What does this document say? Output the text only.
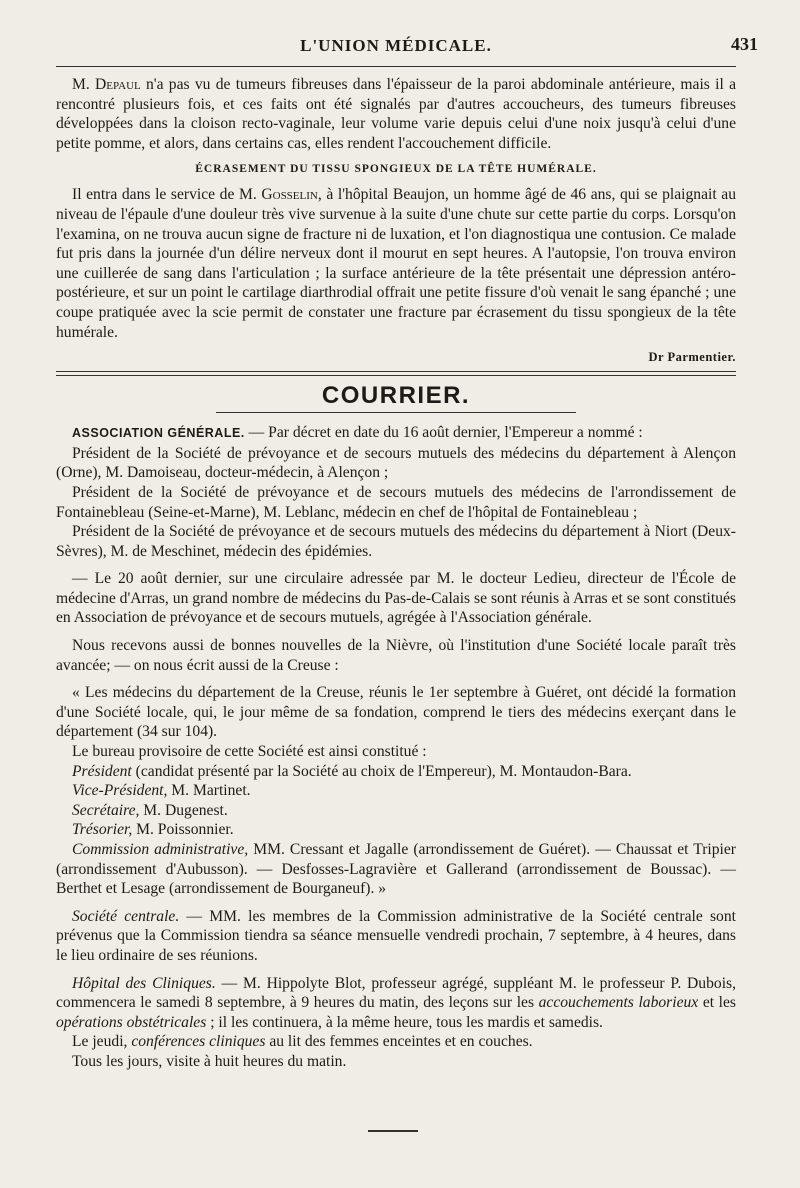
L'UNION MÉDICALE.	431

M. Depaul n'a pas vu de tumeurs fibreuses dans l'épaisseur de la paroi abdominale antérieure, mais il a rencontré plusieurs fois, et ces faits ont été signalés par d'autres accoucheurs, des tumeurs fibreuses développées dans la cloison recto-vaginale, leur volume varie depuis celui d'une noix jusqu'à celui d'une petite pomme, et alors, dans certains cas, elles rendent l'accouchement difficile.

ÉCRASEMENT DU TISSU SPONGIEUX DE LA TÊTE HUMÉRALE.

Il entra dans le service de M. Gosselin, à l'hôpital Beaujon, un homme âgé de 46 ans, qui se plaignait au niveau de l'épaule d'une douleur très vive survenue à la suite d'une chute sur cette partie du corps. Lorsqu'on l'examina, on ne trouva aucun signe de fracture ni de luxation, et l'on diagnostiqua une contusion. Ce malade fut pris dans la journée d'un délire nerveux dont il mourut en sept heures. A l'autopsie, l'on trouva environ une cuillerée de sang dans l'articulation ; la surface antérieure de la tête présentait une dépression antéro-postérieure, et sur un point le cartilage diarthrodial offrait une petite fissure d'où venait le sang épanché ; une coupe pratiquée avec la scie permit de constater une fracture par écrasement du tissu spongieux de la tête humérale.

Dr Parmentier.
COURRIER.

ASSOCIATION GÉNÉRALE. — Par décret en date du 16 août dernier, l'Empereur a nommé :

Président de la Société de prévoyance et de secours mutuels des médecins du département à Alençon (Orne), M. Damoiseau, docteur-médecin, à Alençon ;

Président de la Société de prévoyance et de secours mutuels des médecins de l'arrondissement de Fontainebleau (Seine-et-Marne), M. Leblanc, médecin en chef de l'hôpital de Fontainebleau ;

Président de la Société de prévoyance et de secours mutuels des médecins du département à Niort (Deux-Sèvres), M. de Meschinet, médecin des épidémies.

— Le 20 août dernier, sur une circulaire adressée par M. le docteur Ledieu, directeur de l'École de médecine d'Arras, un grand nombre de médecins du Pas-de-Calais se sont réunis à Arras et se sont constitués en Association de prévoyance et de secours mutuels, agrégée à l'Association générale.

Nous recevons aussi de bonnes nouvelles de la Nièvre, où l'institution d'une Société locale paraît très avancée; — on nous écrit aussi de la Creuse :

« Les médecins du département de la Creuse, réunis le 1er septembre à Guéret, ont décidé la formation d'une Société locale, qui, le jour même de sa fondation, comprend le tiers des médecins exerçant dans le département (34 sur 104).

Le bureau provisoire de cette Société est ainsi constitué :

Président (candidat présenté par la Société au choix de l'Empereur), M. Montaudon-Bara.

Vice-Président, M. Martinet.

Secrétaire, M. Dugenest.

Trésorier, M. Poissonnier.

Commission administrative, MM. Cressant et Jagalle (arrondissement de Guéret). — Chaussat et Tripier (arrondissement d'Aubusson). — Desfosses-Lagravière et Gallerand (arrondissement de Boussac). — Berthet et Lesage (arrondissement de Bourganeuf). »

Société centrale. — MM. les membres de la Commission administrative de la Société centrale sont prévenus que la Commission tiendra sa séance mensuelle vendredi prochain, 7 septembre, à 4 heures, dans le lieu ordinaire de ses réunions.

Hôpital des Cliniques. — M. Hippolyte Blot, professeur agrégé, suppléant M. le professeur P. Dubois, commencera le samedi 8 septembre, à 9 heures du matin, des leçons sur les accouchements laborieux et les opérations obstétricales ; il les continuera, à la même heure, tous les mardis et samedis.

Le jeudi, conférences cliniques au lit des femmes enceintes et en couches.

Tous les jours, visite à huit heures du matin.
